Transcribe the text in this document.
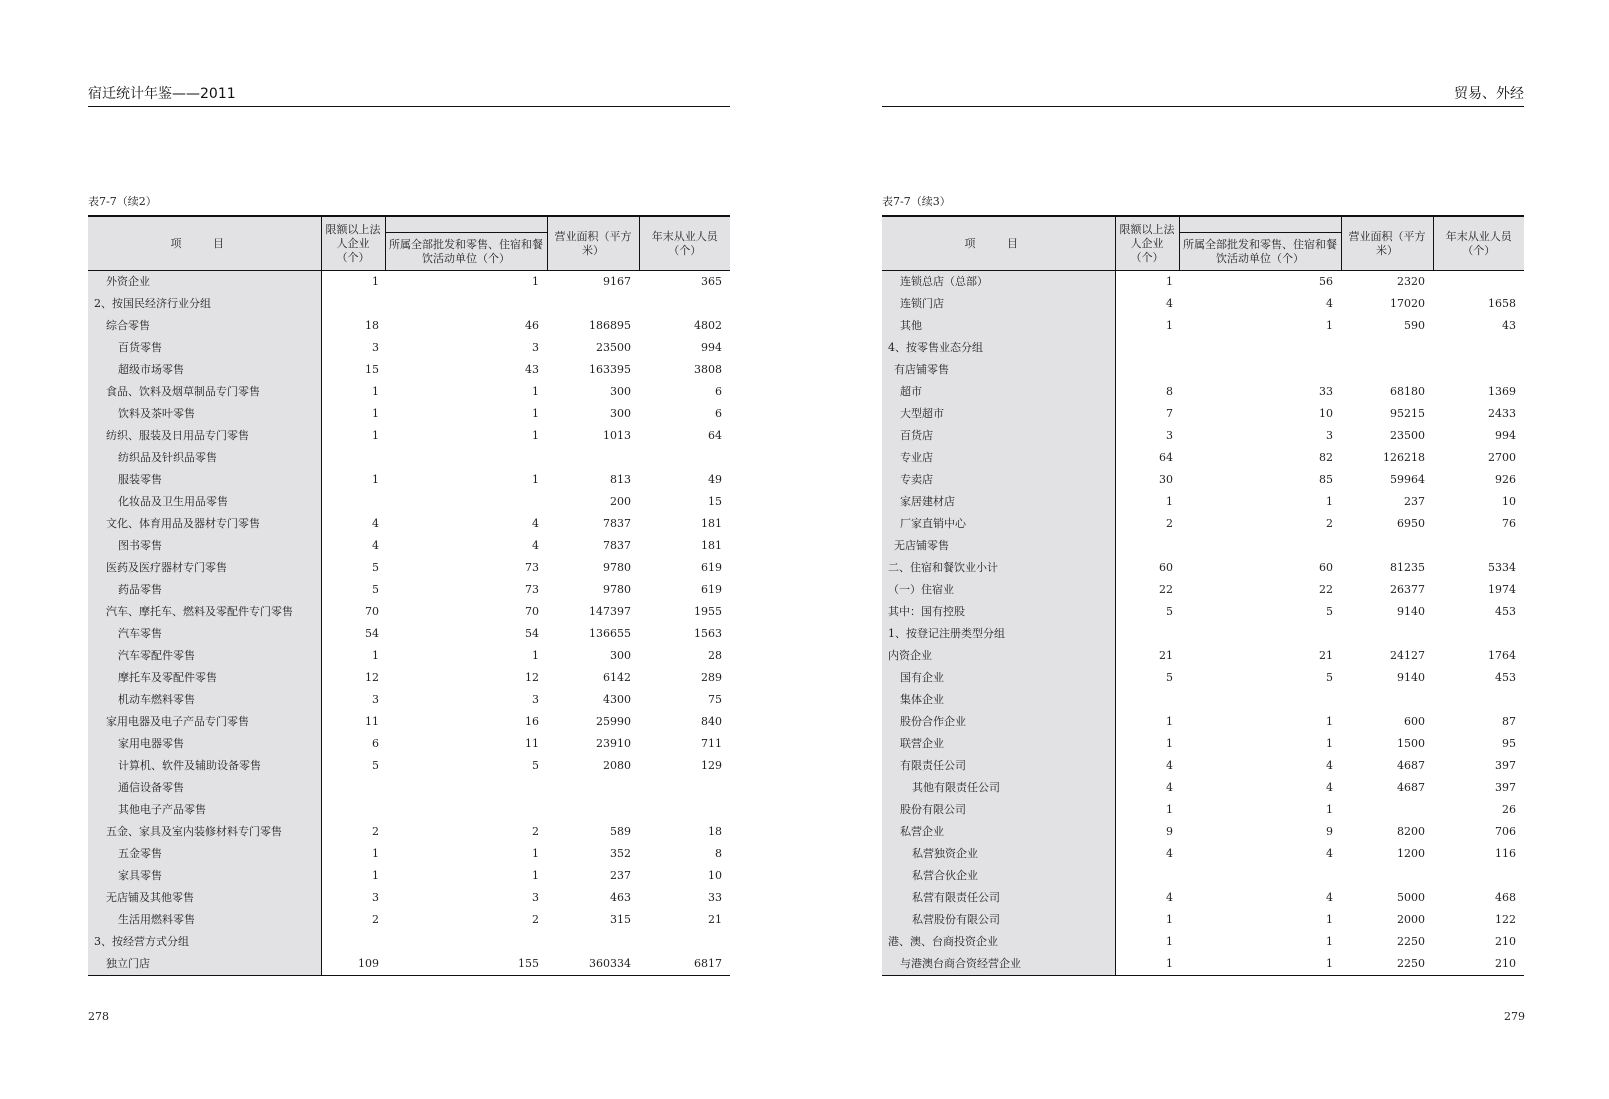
宿迁统计年鉴——2011
表7-7（续2）
项 目	限额以上法人企业（个）		营业面积（平方米）	年末从业人员（个）
		所属全部批发和零售、住宿和餐饮活动单位（个）		
外资企业	1	1	9167	365
2、按国民经济行业分组				
综合零售	18	46	186895	4802
百货零售	3	3	23500	994
超级市场零售	15	43	163395	3808
食品、饮料及烟草制品专门零售	1	1	300	6
饮料及茶叶零售	1	1	300	6
纺织、服装及日用品专门零售	1	1	1013	64
纺织品及针织品零售				
服装零售	1	1	813	49
化妆品及卫生用品零售			200	15
文化、体育用品及器材专门零售	4	4	7837	181
图书零售	4	4	7837	181
医药及医疗器材专门零售	5	73	9780	619
药品零售	5	73	9780	619
汽车、摩托车、燃料及零配件专门零售	70	70	147397	1955
汽车零售	54	54	136655	1563
汽车零配件零售	1	1	300	28
摩托车及零配件零售	12	12	6142	289
机动车燃料零售	3	3	4300	75
家用电器及电子产品专门零售	11	16	25990	840
家用电器零售	6	11	23910	711
计算机、软件及辅助设备零售	5	5	2080	129
通信设备零售				
其他电子产品零售				
五金、家具及室内装修材料专门零售	2	2	589	18
五金零售	1	1	352	8
家具零售	1	1	237	10
无店铺及其他零售	3	3	463	33
生活用燃料零售	2	2	315	21
3、按经营方式分组				
独立门店	109	155	360334	6817
278
贸易、外经
表7-7（续3）
项 目	限额以上法人企业（个）		营业面积（平方米）	年末从业人员（个）
		所属全部批发和零售、住宿和餐饮活动单位（个）		
连锁总店（总部）	1	56	2320	
连锁门店	4	4	17020	1658
其他	1	1	590	43
4、按零售业态分组				
有店铺零售				
超市	8	33	68180	1369
大型超市	7	10	95215	2433
百货店	3	3	23500	994
专业店	64	82	126218	2700
专卖店	30	85	59964	926
家居建材店	1	1	237	10
厂家直销中心	2	2	6950	76
无店铺零售				
二、住宿和餐饮业小计	60	60	81235	5334
（一）住宿业	22	22	26377	1974
其中：国有控股	5	5	9140	453
1、按登记注册类型分组				
内资企业	21	21	24127	1764
国有企业	5	5	9140	453
集体企业				
股份合作企业	1	1	600	87
联营企业	1	1	1500	95
有限责任公司	4	4	4687	397
其他有限责任公司	4	4	4687	397
股份有限公司	1	1		26
私营企业	9	9	8200	706
私营独资企业	4	4	1200	116
私营合伙企业				
私营有限责任公司	4	4	5000	468
私营股份有限公司	1	1	2000	122
港、澳、台商投资企业	1	1	2250	210
与港澳台商合资经营企业	1	1	2250	210
279
